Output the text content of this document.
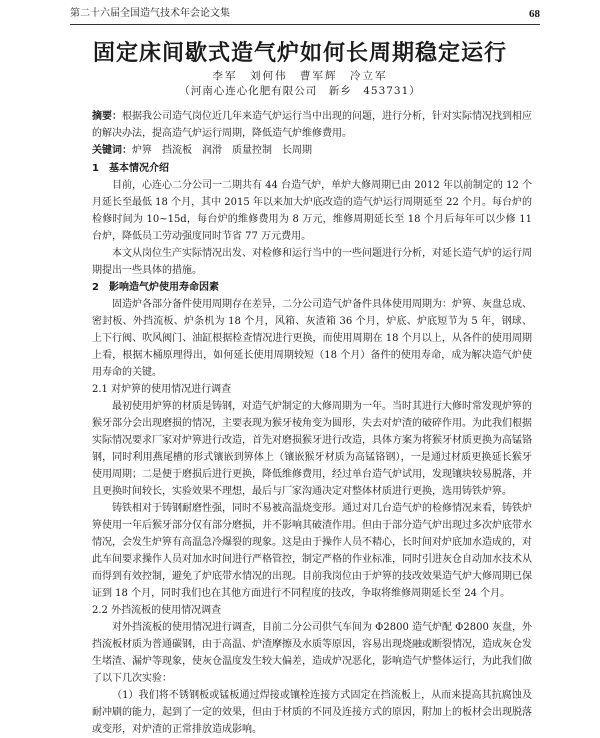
第二十六届全国造气技术年会论文集	68
固定床间歇式造气炉如何长周期稳定运行
李军　刘何伟　曹军辉　冷立军
（河南心连心化肥有限公司　新乡　453731）

摘要：根据我公司造气岗位近几年来造气炉运行当中出现的问题，进行分析，针对实际情况找到相应的解决办法，提高造气炉运行周期，降低造气炉维修费用。

关键词：炉箅　挡流板　润滑　质量控制　长周期

1　基本情况介绍

目前，心连心二分公司一二期共有 44 台造气炉，单炉大修周期已由 2012 年以前制定的 12 个月延长至最低 18 个月，其中 2015 年以来加大炉底改造的造气炉运行周期延至 22 个月。每台炉的检修时间为 10~15d，每台炉的维修费用为 8 万元，维修周期延长至 18 个月后每年可以少修 11 台炉，降低员工劳动强度同时节省 77 万元费用。

本文从岗位生产实际情况出发、对检修和运行当中的一些问题进行分析，对延长造气炉的运行周期提出一些具体的措施。

2　影响造气炉使用寿命因素

固造炉各部分备件使用周期存在差异，二分公司造气炉备件具体使用周期为：炉箅、灰盘总成、密封板、外挡流板、炉条机为 18 个月，风箱、灰渣箱 36 个月，炉底、炉底短节为 5 年，钢球、上下行阀、吹风阀门、油缸根据检查情况进行更换，而使用周期在 18 个月以上，从各件的使用周期上看，根据木桶原理得出，如何延长使用周期较短（18 个月）备件的使用寿命，成为解决造气炉使用寿命的关键。

2.1 对炉箅的使用情况进行调查

最初使用炉箅的材质是铸钢，对造气炉制定的大修周期为一年。当时其进行大修时常发现炉箅的猴牙部分会出现磨损的情况，主要表现为猴牙棱角变为圆形，失去对炉渣的破碎作用。为此我们根据实际情况要求厂家对炉箅进行改造，首先对磨损猴牙进行改造，具体方案为将猴牙材质更换为高锰铬钢，同时利用燕尾槽的形式镶嵌到箅体上（镶嵌猴牙材质为高锰铬钢），一是通过材质更换延长猴牙使用周期；二是便于磨损后进行更换，降低维修费用，经过单台造气炉试用，发现镶块较易脱落，并且更换时间较长，实验效果不理想，最后与厂家沟通决定对整体材质进行更换，选用铸铁炉箅。

铸铁相对于铸钢耐磨性强，同时不易被高温烧变形。通过对几台造气炉的检修情况来看，铸铁炉箅使用一年后猴牙部分仅有部分磨损，并不影响其破渣作用。但由于部分造气炉出现过多次炉底带水情况，会发生炉箅有高温急冷爆裂的现象。这是由于操作人员不精心，长时间对炉底加水造成的，对此车间要求操作人员对加水时间进行严格管控，制定严格的作业标准，同时引进灰仓自动加水技术从而得到有效控制，避免了炉底带水情况的出现。目前我岗位由于炉箅的技改效果造气炉大修周期已保证到 18 个月，同时我们也在其他方面进行不同程度的技改，争取将维修周期延长至 24 个月。

2.2 外挡流板的使用情况调查

对外挡流板的使用情况进行调查，目前二分公司供气车间为 Φ2800 造气炉配 Φ2800 灰盘，外挡流板材质为普通碳钢，由于高温、炉渣摩擦及水质等原因，容易出现烧融或断裂情况，造成灰仓发生堵渣、漏炉等现象，使灰仓温度发生较大偏差，造成炉况恶化，影响造气炉整体运行，为此我们做了以下几次实验：

（1）我们将不锈钢板或锰板通过焊接或镶栓连接方式固定在挡流板上，从而来提高其抗腐蚀及耐冲刷的能力，起到了一定的效果，但由于材质的不同及连接方式的原因，附加上的板材会出现脱落或变形，对炉渣的正常排放造成影响。
